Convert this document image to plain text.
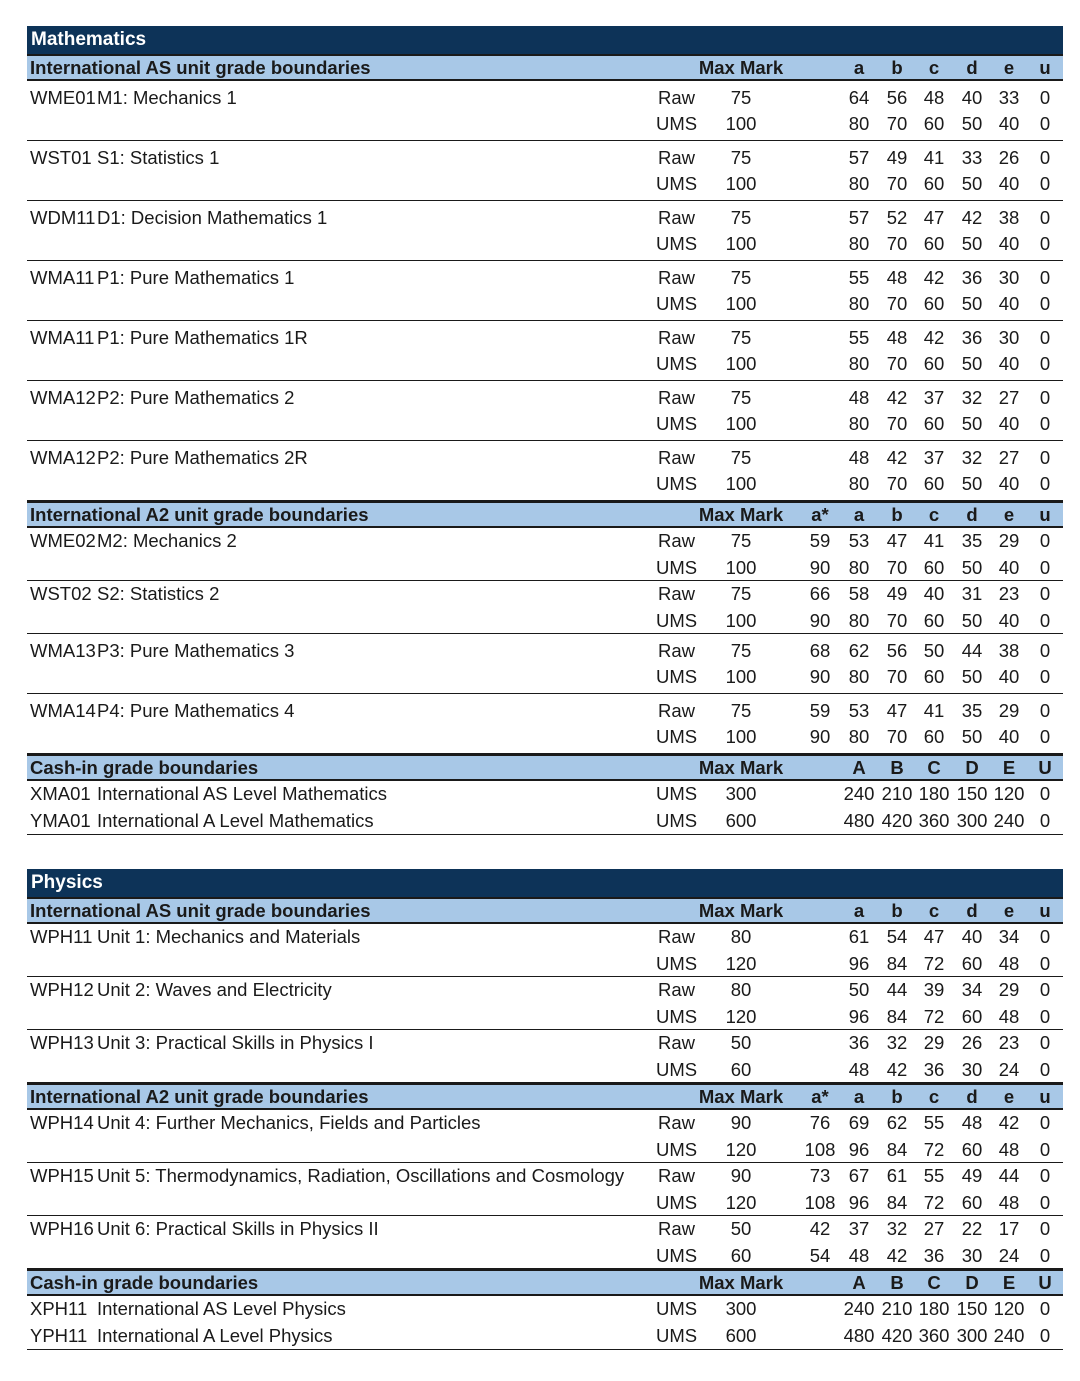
Mathematics
International AS unit grade boundaries	Max Mark	a b c d e u
WME01 M1: Mechanics 1	Raw 75	64 56 48 40 33 0
UMS 100	80 70 60 50 40 0
WST01 S1: Statistics 1	Raw 75	57 49 41 33 26 0
UMS 100	80 70 60 50 40 0
WDM11 D1: Decision Mathematics 1	Raw 75	57 52 47 42 38 0
UMS 100	80 70 60 50 40 0
WMA11 P1: Pure Mathematics 1	Raw 75	55 48 42 36 30 0
UMS 100	80 70 60 50 40 0
WMA11 P1: Pure Mathematics 1R	Raw 75	55 48 42 36 30 0
UMS 100	80 70 60 50 40 0
WMA12 P2: Pure Mathematics 2	Raw 75	48 42 37 32 27 0
UMS 100	80 70 60 50 40 0
WMA12 P2: Pure Mathematics 2R	Raw 75	48 42 37 32 27 0
UMS 100	80 70 60 50 40 0
International A2 unit grade boundaries	Max Mark a* a b c d e u
WME02 M2: Mechanics 2	Raw 75	59 53 47 41 35 29 0
UMS 100	90 80 70 60 50 40 0
WST02 S2: Statistics 2	Raw 75	66 58 49 40 31 23 0
UMS 100	90 80 70 60 50 40 0
WMA13 P3: Pure Mathematics 3	Raw 75	68 62 56 50 44 38 0
UMS 100	90 80 70 60 50 40 0
WMA14 P4: Pure Mathematics 4	Raw 75	59 53 47 41 35 29 0
UMS 100	90 80 70 60 50 40 0
Cash-in grade boundaries	Max Mark	A B C D E U
XMA01 International AS Level Mathematics	UMS 300	240 210 180 150 120 0
YMA01 International A Level Mathematics	UMS 600	480 420 360 300 240 0
Physics
International AS unit grade boundaries	Max Mark	a b c d e u
WPH11 Unit 1: Mechanics and Materials	Raw 80	61 54 47 40 34 0
UMS 120	96 84 72 60 48 0
WPH12 Unit 2: Waves and Electricity	Raw 80	50 44 39 34 29 0
UMS 120	96 84 72 60 48 0
WPH13 Unit 3: Practical Skills in Physics I	Raw 50	36 32 29 26 23 0
UMS 60	48 42 36 30 24 0
International A2 unit grade boundaries	Max Mark a* a b c d e u
WPH14 Unit 4: Further Mechanics, Fields and Particles	Raw 90	76 69 62 55 48 42 0
UMS 120	108 96 84 72 60 48 0
WPH15 Unit 5: Thermodynamics, Radiation, Oscillations and Cosmology Raw 90	73 67 61 55 49 44 0
UMS 120	108 96 84 72 60 48 0
WPH16 Unit 6: Practical Skills in Physics II	Raw 50	42 37 32 27 22 17 0
UMS 60	54 48 42 36 30 24 0
Cash-in grade boundaries	Max Mark	A B C D E U
XPH11 International AS Level Physics	UMS 300	240 210 180 150 120 0
YPH11 International A Level Physics	UMS 600	480 420 360 300 240 0
